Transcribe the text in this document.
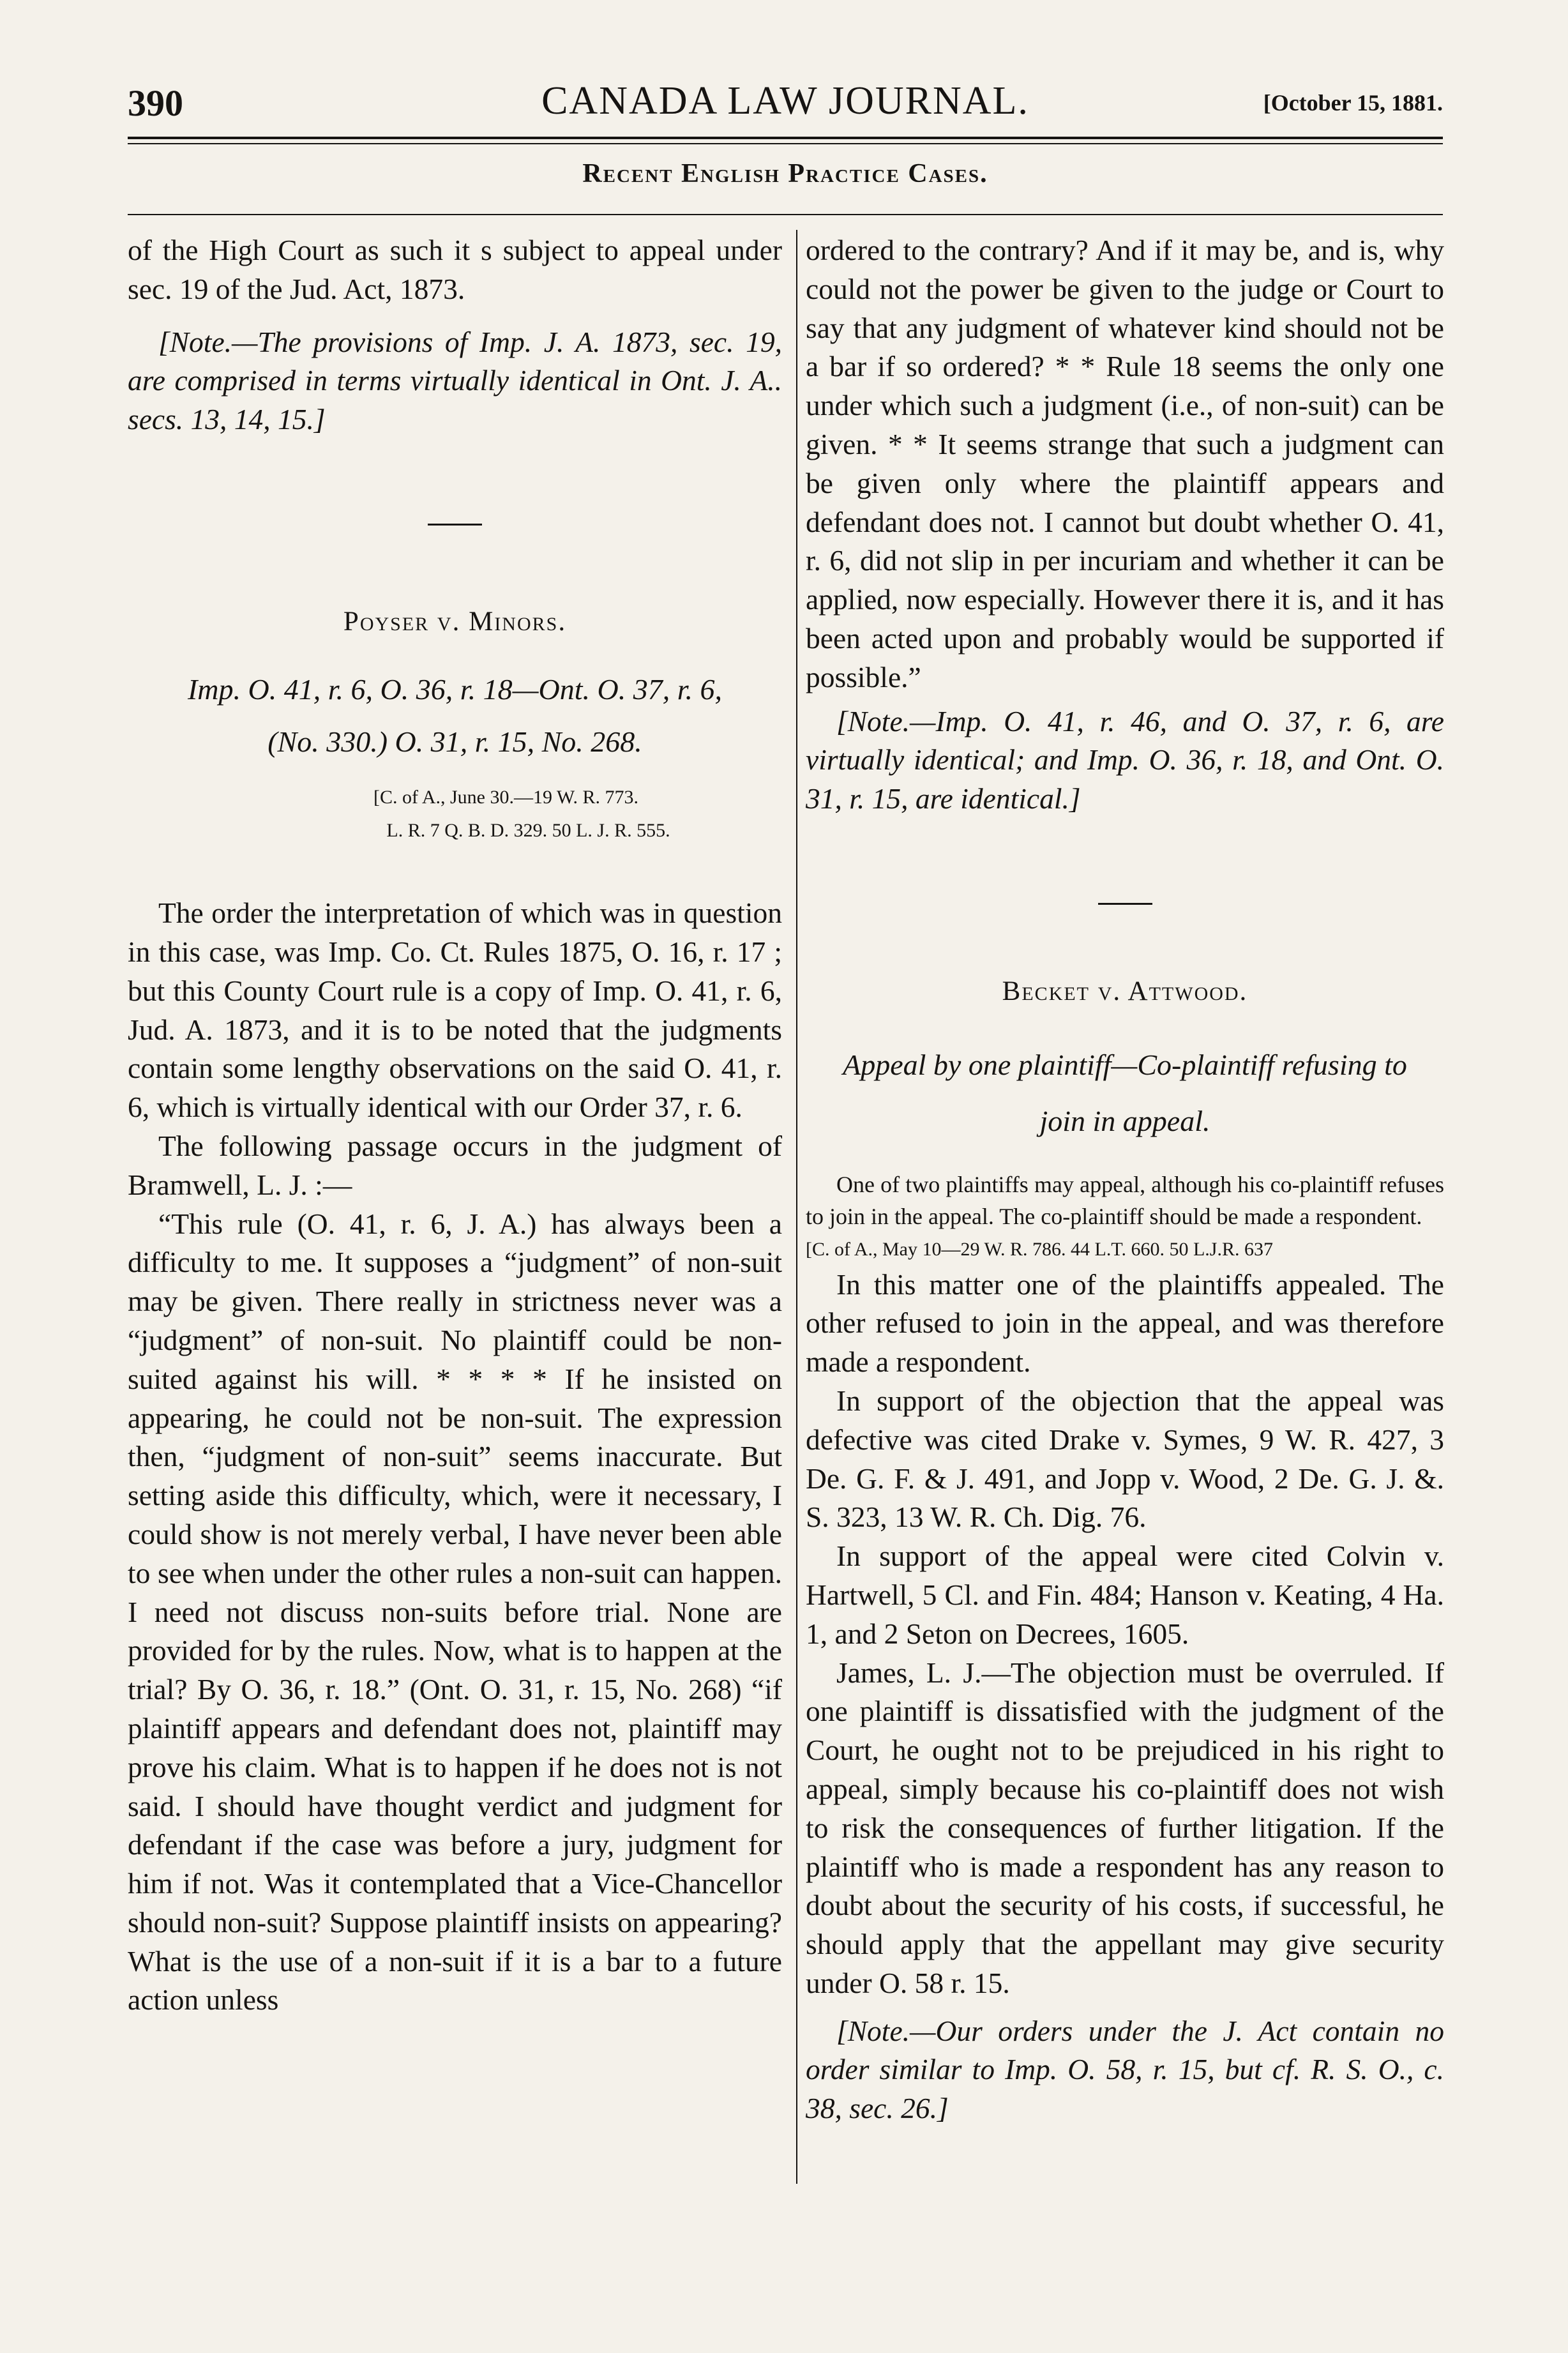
390	CANADA LAW JOURNAL.	[October 15, 1881.
Recent English Practice Cases.

of the High Court as such it s subject to appeal under sec. 19 of the Jud. Act, 1873.

[Note.—The provisions of Imp. J. A. 1873, sec. 19, are comprised in terms virtually identical in Ont. J. A.. secs. 13, 14, 15.]

Poyser v. Minors.

Imp. O. 41, r. 6, O. 36, r. 18—Ont. O. 37, r. 6,

(No. 330.) O. 31, r. 15, No. 268.

[C. of A., June 30.—19 W. R. 773.

L. R. 7 Q. B. D. 329. 50 L. J. R. 555.

The order the interpretation of which was in question in this case, was Imp. Co. Ct. Rules 1875, O. 16, r. 17 ; but this County Court rule is a copy of Imp. O. 41, r. 6, Jud. A. 1873, and it is to be noted that the judgments contain some lengthy observations on the said O. 41, r. 6, which is virtually identical with our Order 37, r. 6.

The following passage occurs in the judgment of Bramwell, L. J. :—

“This rule (O. 41, r. 6, J. A.) has always been a difficulty to me. It supposes a “judgment” of non-suit may be given. There really in strictness never was a “judgment” of non-suit. No plaintiff could be non-suited against his will. * * * * If he insisted on appearing, he could not be non-suit. The expression then, “judgment of non-suit” seems inaccurate. But setting aside this difficulty, which, were it necessary, I could show is not merely verbal, I have never been able to see when under the other rules a non-suit can happen. I need not discuss non-suits before trial. None are provided for by the rules. Now, what is to happen at the trial? By O. 36, r. 18.” (Ont. O. 31, r. 15, No. 268) “if plaintiff appears and defendant does not, plaintiff may prove his claim. What is to happen if he does not is not said. I should have thought verdict and judgment for defendant if the case was before a jury, judgment for him if not. Was it contemplated that a Vice-Chancellor should non-suit? Suppose plaintiff insists on appearing? What is the use of a non-suit if it is a bar to a future action unless

ordered to the contrary? And if it may be, and is, why could not the power be given to the judge or Court to say that any judgment of whatever kind should not be a bar if so ordered? * * Rule 18 seems the only one under which such a judgment (i.e., of non-suit) can be given. * * It seems strange that such a judgment can be given only where the plaintiff appears and defendant does not. I cannot but doubt whether O. 41, r. 6, did not slip in per incuriam and whether it can be applied, now especially. However there it is, and it has been acted upon and probably would be supported if possible.”

[Note.—Imp. O. 41, r. 46, and O. 37, r. 6, are virtually identical; and Imp. O. 36, r. 18, and Ont. O. 31, r. 15, are identical.]

Becket v. Attwood.

Appeal by one plaintiff—Co-plaintiff refusing to

join in appeal.

One of two plaintiffs may appeal, although his co-plaintiff refuses to join in the appeal. The co-plaintiff should be made a respondent.

[C. of A., May 10—29 W. R. 786. 44 L.T. 660. 50 L.J.R. 637

In this matter one of the plaintiffs appealed. The other refused to join in the appeal, and was therefore made a respondent.

In support of the objection that the appeal was defective was cited Drake v. Symes, 9 W. R. 427, 3 De. G. F. & J. 491, and Jopp v. Wood, 2 De. G. J. &. S. 323, 13 W. R. Ch. Dig. 76.

In support of the appeal were cited Colvin v. Hartwell, 5 Cl. and Fin. 484; Hanson v. Keating, 4 Ha. 1, and 2 Seton on Decrees, 1605.

James, L. J.—The objection must be overruled. If one plaintiff is dissatisfied with the judgment of the Court, he ought not to be prejudiced in his right to appeal, simply because his co-plaintiff does not wish to risk the consequences of further litigation. If the plaintiff who is made a respondent has any reason to doubt about the security of his costs, if successful, he should apply that the appellant may give security under O. 58 r. 15.

[Note.—Our orders under the J. Act contain no order similar to Imp. O. 58, r. 15, but cf. R. S. O., c. 38, sec. 26.]
